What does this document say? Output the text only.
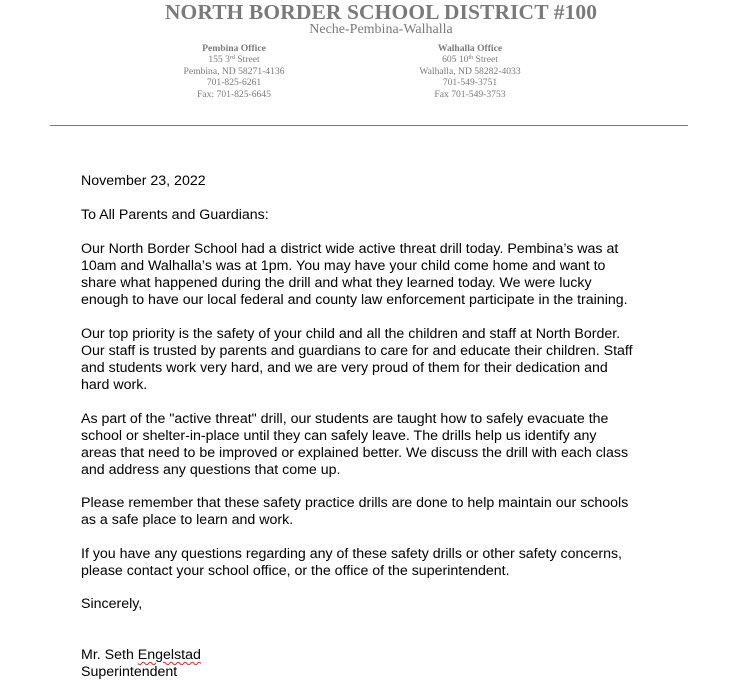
NORTH BORDER SCHOOL DISTRICT #100
Neche-Pembina-Walhalla
Pembina Office
155 3rd Street
Pembina, ND 58271-4136
701-825-6261
Fax: 701-825-6645
Walhalla Office
605 10th Street
Walhalla, ND 58282-4033
701-549-3751
Fax 701-549-3753
November 23, 2022
To All Parents and Guardians:
Our North Border School had a district wide active threat drill today. Pembina’s was at
10am and Walhalla’s was at 1pm. You may have your child come home and want to
share what happened during the drill and what they learned today. We were lucky
enough to have our local federal and county law enforcement participate in the training.
Our top priority is the safety of your child and all the children and staff at North Border.
Our staff is trusted by parents and guardians to care for and educate their children. Staff
and students work very hard, and we are very proud of them for their dedication and
hard work.
As part of the "active threat" drill, our students are taught how to safely evacuate the
school or shelter-in-place until they can safely leave. The drills help us identify any
areas that need to be improved or explained better. We discuss the drill with each class
and address any questions that come up.
Please remember that these safety practice drills are done to help maintain our schools
as a safe place to learn and work.
If you have any questions regarding any of these safety drills or other safety concerns,
please contact your school office, or the office of the superintendent.
Sincerely,
Mr. Seth Engelstad
Superintendent
